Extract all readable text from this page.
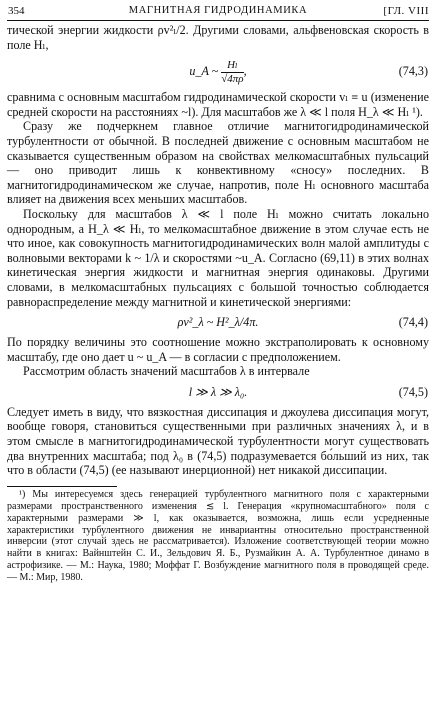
354	МАГНИТНАЯ ГИДРОДИНАМИКА	[ГЛ. VIII

тической энергии жидкости ρv²ₗ/2. Другими словами, альфвеновская скорость в поле Hₗ,

u_A ~ $\frac{\text{Hₗ}}{√4\pi\rho}$ ,	(74,3)

сравнима с основным масштабом гидродинамической скорости vₗ ≡ u (изменение средней скорости на расстояниях ~l). Для масштабов же λ ≪ l поля H_λ ≪ Hₗ ¹).

Сразу же подчеркнем главное отличие магнитогидродинамической турбулентности от обычной. В последней движение с основным масштабом не сказывается существенным образом на свойствах мелкомасштабных пульсаций — оно приводит лишь к конвективному «сносу» последних. В магнитогидродинамическом же случае, напротив, поле Hₗ основного масштаба влияет на движения всех меньших масштабов.

Поскольку для масштабов λ ≪ l поле Hₗ можно считать локально однородным, а H_λ ≪ Hₗ, то мелкомасштабное движение в этом случае есть не что иное, как совокупность магнитогидродинамических волн малой амплитуды с волновыми векторами k ~ 1/λ и скоростями ~u_A. Согласно (69,11) в этих волнах кинетическая энергия жидкости и магнитная энергия одинаковы. Другими словами, в мелкомасштабных пульсациях с большой точностью соблюдается равнораспределение между магнитной и кинетической энергиями:

ρv²_λ ~ H²_λ/4π.	(74,4)

По порядку величины это соотношение можно экстраполировать к основному масштабу, где оно дает u ~ u_A — в согласии с предположением.

Рассмотрим область значений масштабов λ в интервале

l ≫ λ ≫ λ₀.	(74,5)

Следует иметь в виду, что вязкостная диссипация и джоулева диссипация могут, вообще говоря, становиться существенными при различных значениях λ, и в этом смысле в магнитогидродинамической турбулентности могут существовать два внутренних масштаба; под λ₀ в (74,5) подразумевается бо́льший из них, так что в области (74,5) (ее называют инерционной) нет никакой диссипации.

¹) Мы интересуемся здесь генерацией турбулентного магнитного поля с характерными размерами пространственного изменения ≲ l. Генерация «крупномасштабного» поля с характерными размерами ≫ l, как оказывается, возможна, лишь если усредненные характеристики турбулентного движения не инвариантны относительно пространственной инверсии (этот случай здесь не рассматривается). Изложение соответствующей теории можно найти в книгах: Вайнштейн С. И., Зельдович Я. Б., Рузмайкин А. А. Турбулентное динамо в астрофизике. — М.: Наука, 1980; Моффат Г. Возбуждение магнитного поля в проводящей среде. — М.: Мир, 1980.
